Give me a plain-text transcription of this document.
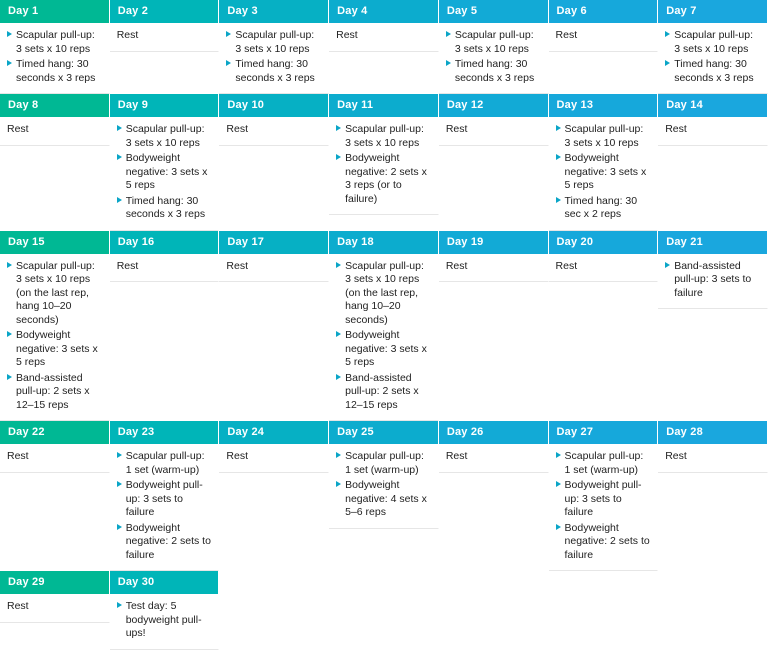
Day 1
Scapular pull-up: 3 sets x 10 reps
Timed hang: 30 seconds x 3 reps

Day 2
Rest

Day 3
Scapular pull-up: 3 sets x 10 reps
Timed hang: 30 seconds x 3 reps

Day 4
Rest

Day 5
Scapular pull-up: 3 sets x 10 reps
Timed hang: 30 seconds x 3 reps

Day 6
Rest

Day 7
Scapular pull-up: 3 sets x 10 reps
Timed hang: 30 seconds x 3 reps

Day 8
Rest

Day 9
Scapular pull-up: 3 sets x 10 reps
Bodyweight negative: 3 sets x 5 reps
Timed hang: 30 seconds x 3 reps

Day 10
Rest

Day 11
Scapular pull-up: 3 sets x 10 reps
Bodyweight negative: 2 sets x 3 reps (or to failure)

Day 12
Rest

Day 13
Scapular pull-up: 3 sets x 10 reps
Bodyweight negative: 3 sets x 5 reps
Timed hang: 30 sec x 2 reps

Day 14
Rest

Day 15
Scapular pull-up: 3 sets x 10 reps (on the last rep, hang 10–20 seconds)
Bodyweight negative: 3 sets x 5 reps
Band-assisted pull-up: 2 sets x 12–15 reps

Day 16
Rest

Day 17
Rest

Day 18
Scapular pull-up: 3 sets x 10 reps (on the last rep, hang 10–20 seconds)
Bodyweight negative: 3 sets x 5 reps
Band-assisted pull-up: 2 sets x 12–15 reps

Day 19
Rest

Day 20
Rest

Day 21
Band-assisted pull-up: 3 sets to failure

Day 22
Rest

Day 23
Scapular pull-up: 1 set (warm-up)
Bodyweight pull-up: 3 sets to failure
Bodyweight negative: 2 sets to failure

Day 24
Rest

Day 25
Scapular pull-up: 1 set (warm-up)
Bodyweight negative: 4 sets x 5–6 reps

Day 26
Rest

Day 27
Scapular pull-up: 1 set (warm-up)
Bodyweight pull-up: 3 sets to failure
Bodyweight negative: 2 sets to failure

Day 28
Rest

Day 29
Rest

Day 30
Test day: 5 bodyweight pull-ups!
